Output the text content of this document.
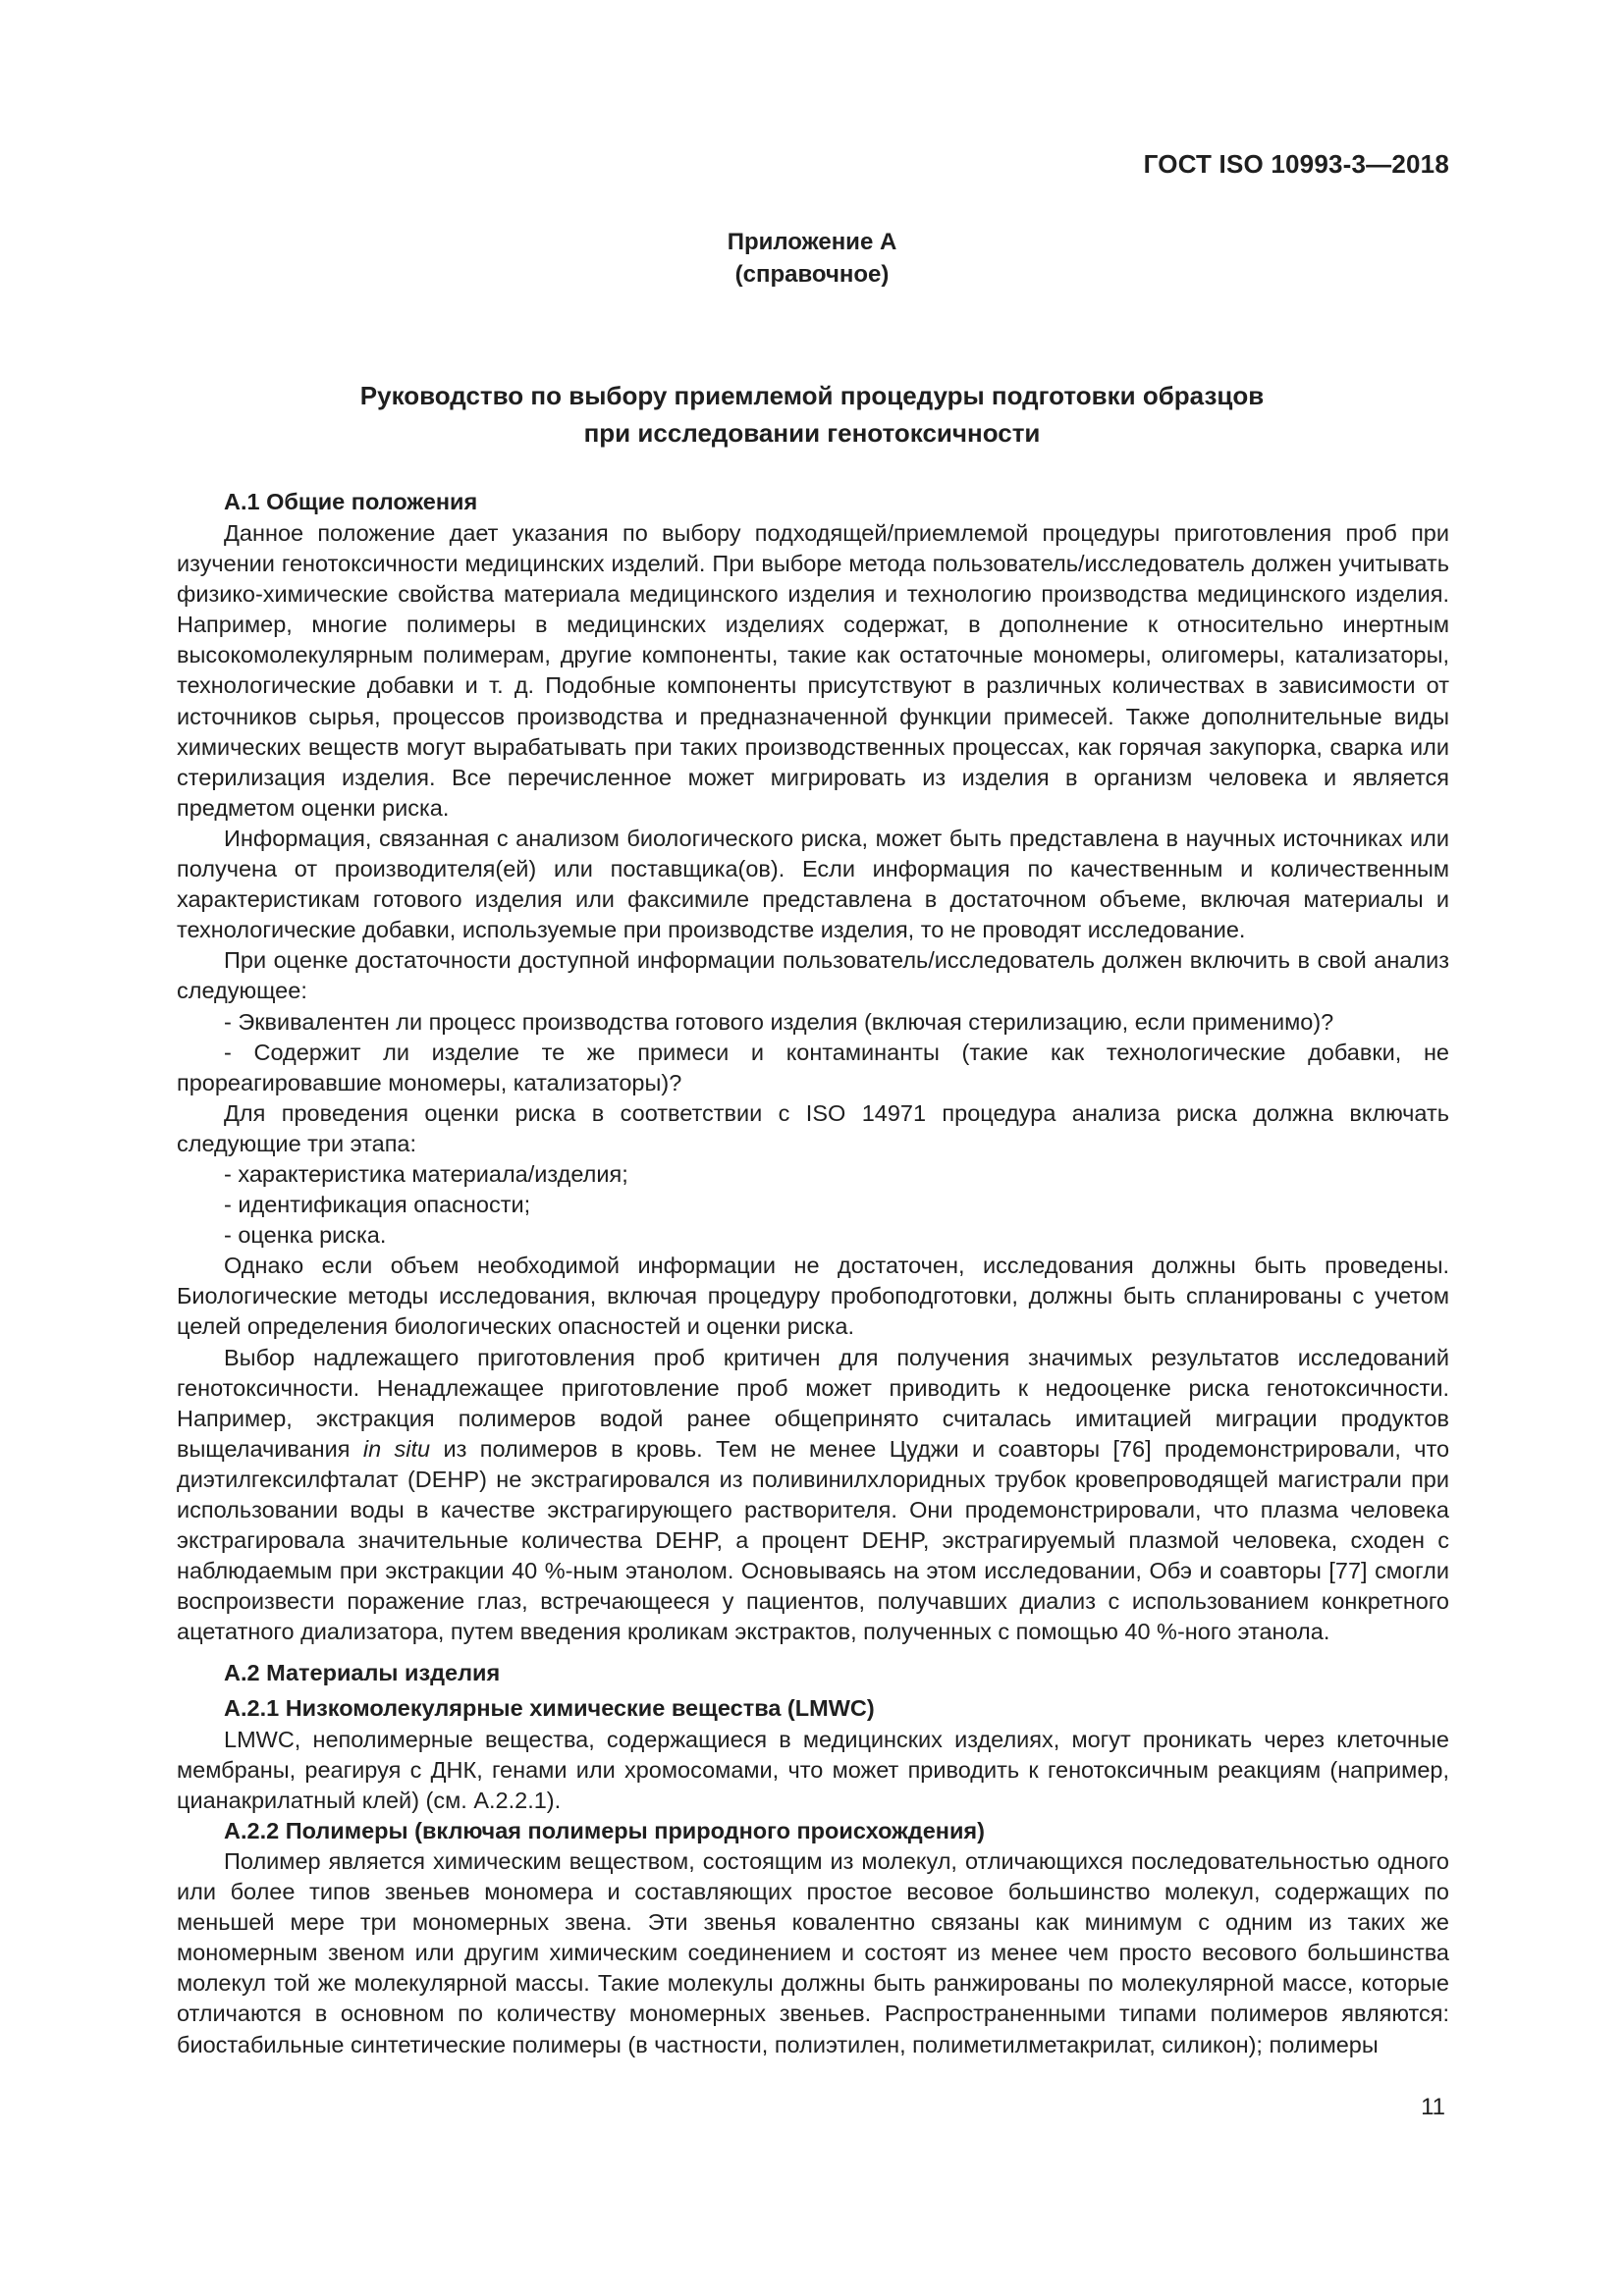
ГОСТ ISO 10993-3—2018
Приложение А
(справочное)
Руководство по выбору приемлемой процедуры подготовки образцов
при исследовании генотоксичности
А.1 Общие положения

Данное положение дает указания по выбору подходящей/приемлемой процедуры приготовления проб при изучении генотоксичности медицинских изделий. При выборе метода пользователь/исследователь должен учитывать физико-химические свойства материала медицинского изделия и технологию производства медицинского изделия. Например, многие полимеры в медицинских изделиях содержат, в дополнение к относительно инертным высокомолекулярным полимерам, другие компоненты, такие как остаточные мономеры, олигомеры, катализаторы, технологические добавки и т. д. Подобные компоненты присутствуют в различных количествах в зависимости от источников сырья, процессов производства и предназначенной функции примесей. Также дополнительные виды химических веществ могут вырабатывать при таких производственных процессах, как горячая закупорка, сварка или стерилизация изделия. Все перечисленное может мигрировать из изделия в организм человека и является предметом оценки риска.

Информация, связанная с анализом биологического риска, может быть представлена в научных источниках или получена от производителя(ей) или поставщика(ов). Если информация по качественным и количественным характеристикам готового изделия или факсимиле представлена в достаточном объеме, включая материалы и технологические добавки, используемые при производстве изделия, то не проводят исследование.

При оценке достаточности доступной информации пользователь/исследователь должен включить в свой анализ следующее:

- Эквивалентен ли процесс производства готового изделия (включая стерилизацию, если применимо)?

- Содержит ли изделие те же примеси и контаминанты (такие как технологические добавки, не прореагировавшие мономеры, катализаторы)?

Для проведения оценки риска в соответствии с ISO 14971 процедура анализа риска должна включать следующие три этапа:

- характеристика материала/изделия;

- идентификация опасности;

- оценка риска.

Однако если объем необходимой информации не достаточен, исследования должны быть проведены. Биологические методы исследования, включая процедуру пробоподготовки, должны быть спланированы с учетом целей определения биологических опасностей и оценки риска.

Выбор надлежащего приготовления проб критичен для получения значимых результатов исследований генотоксичности. Ненадлежащее приготовление проб может приводить к недооценке риска генотоксичности. Например, экстракция полимеров водой ранее общепринято считалась имитацией миграции продуктов выщелачивания in situ из полимеров в кровь. Тем не менее Цуджи и соавторы [76] продемонстрировали, что диэтилгексилфталат (DEHP) не экстрагировался из поливинилхлоридных трубок кровепроводящей магистрали при использовании воды в качестве экстрагирующего растворителя. Они продемонстрировали, что плазма человека экстрагировала значительные количества DEHP, а процент DEHP, экстрагируемый плазмой человека, сходен с наблюдаемым при экстракции 40 %-ным этанолом. Основываясь на этом исследовании, Обэ и соавторы [77] смогли воспроизвести поражение глаз, встречающееся у пациентов, получавших диализ с использованием конкретного ацетатного диализатора, путем введения кроликам экстрактов, полученных с помощью 40 %-ного этанола.

А.2 Материалы изделия
А.2.1 Низкомолекулярные химические вещества (LMWC)

LMWC, неполимерные вещества, содержащиеся в медицинских изделиях, могут проникать через клеточные мембраны, реагируя с ДНК, генами или хромосомами, что может приводить к генотоксичным реакциям (например, цианакрилатный клей) (см. А.2.2.1).

А.2.2 Полимеры (включая полимеры природного происхождения)

Полимер является химическим веществом, состоящим из молекул, отличающихся последовательностью одного или более типов звеньев мономера и составляющих простое весовое большинство молекул, содержащих по меньшей мере три мономерных звена. Эти звенья ковалентно связаны как минимум с одним из таких же мономерным звеном или другим химическим соединением и состоят из менее чем просто весового большинства молекул той же молекулярной массы. Такие молекулы должны быть ранжированы по молекулярной массе, которые отличаются в основном по количеству мономерных звеньев. Распространенными типами полимеров являются: биостабильные синтетические полимеры (в частности, полиэтилен, полиметилметакрилат, силикон); полимеры

11
